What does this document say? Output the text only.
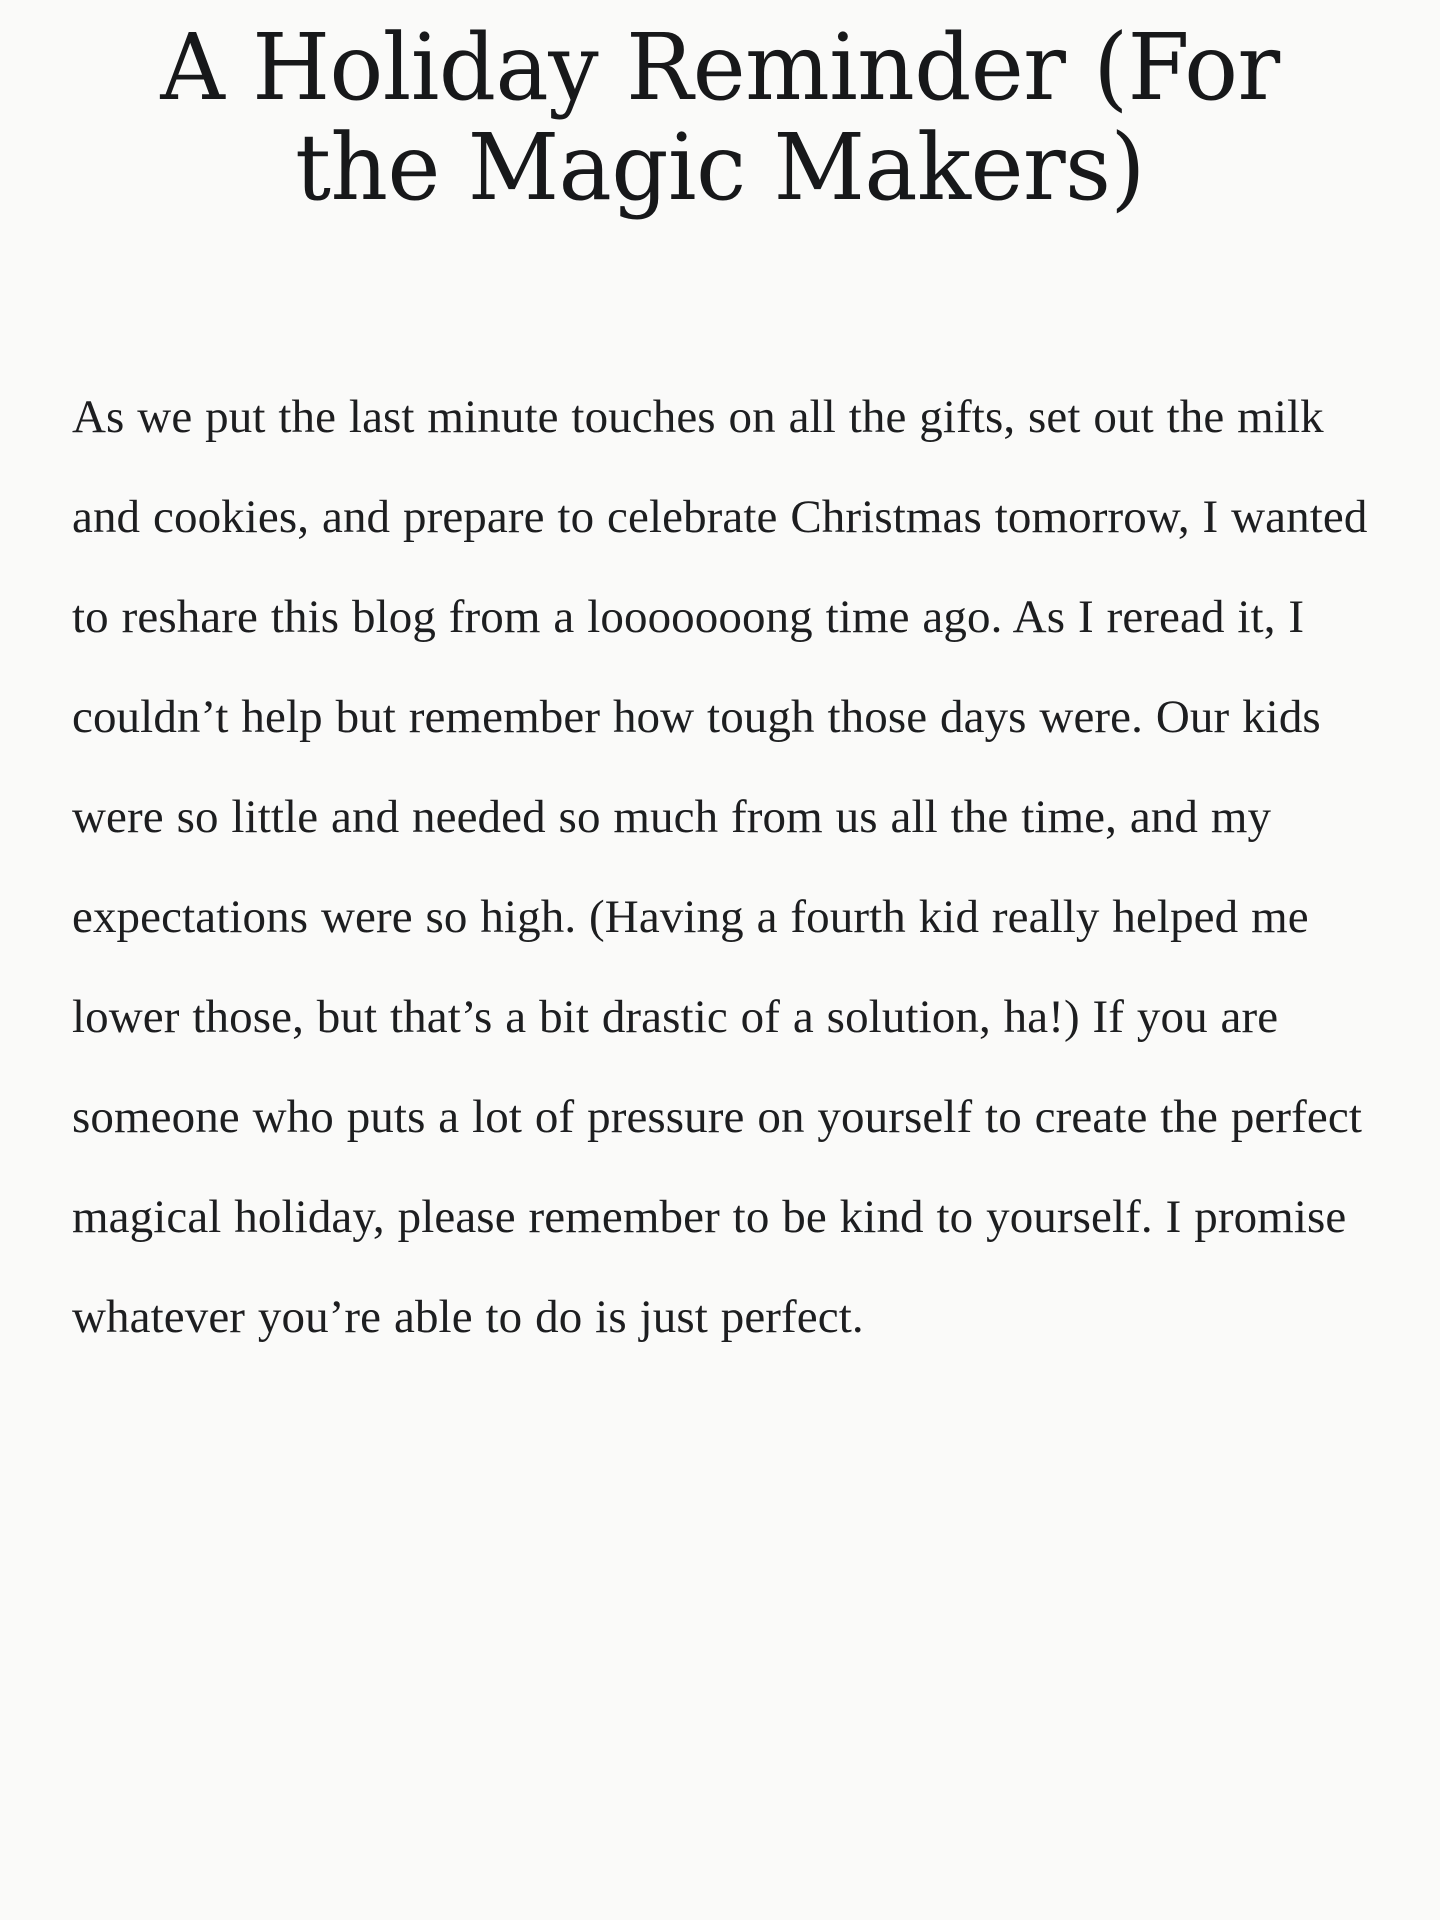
A Holiday Reminder (For the Magic Makers)

As we put the last minute touches on all the gifts, set out the milk and cookies, and prepare to celebrate Christmas tomorrow, I wanted to reshare this blog from a looooooong time ago. As I reread it, I couldn’t help but remember how tough those days were. Our kids were so little and needed so much from us all the time, and my expectations were so high. (Having a fourth kid really helped me lower those, but that’s a bit drastic of a solution, ha!) If you are someone who puts a lot of pressure on yourself to create the perfect magical holiday, please remember to be kind to yourself. I promise whatever you’re able to do is just perfect.
